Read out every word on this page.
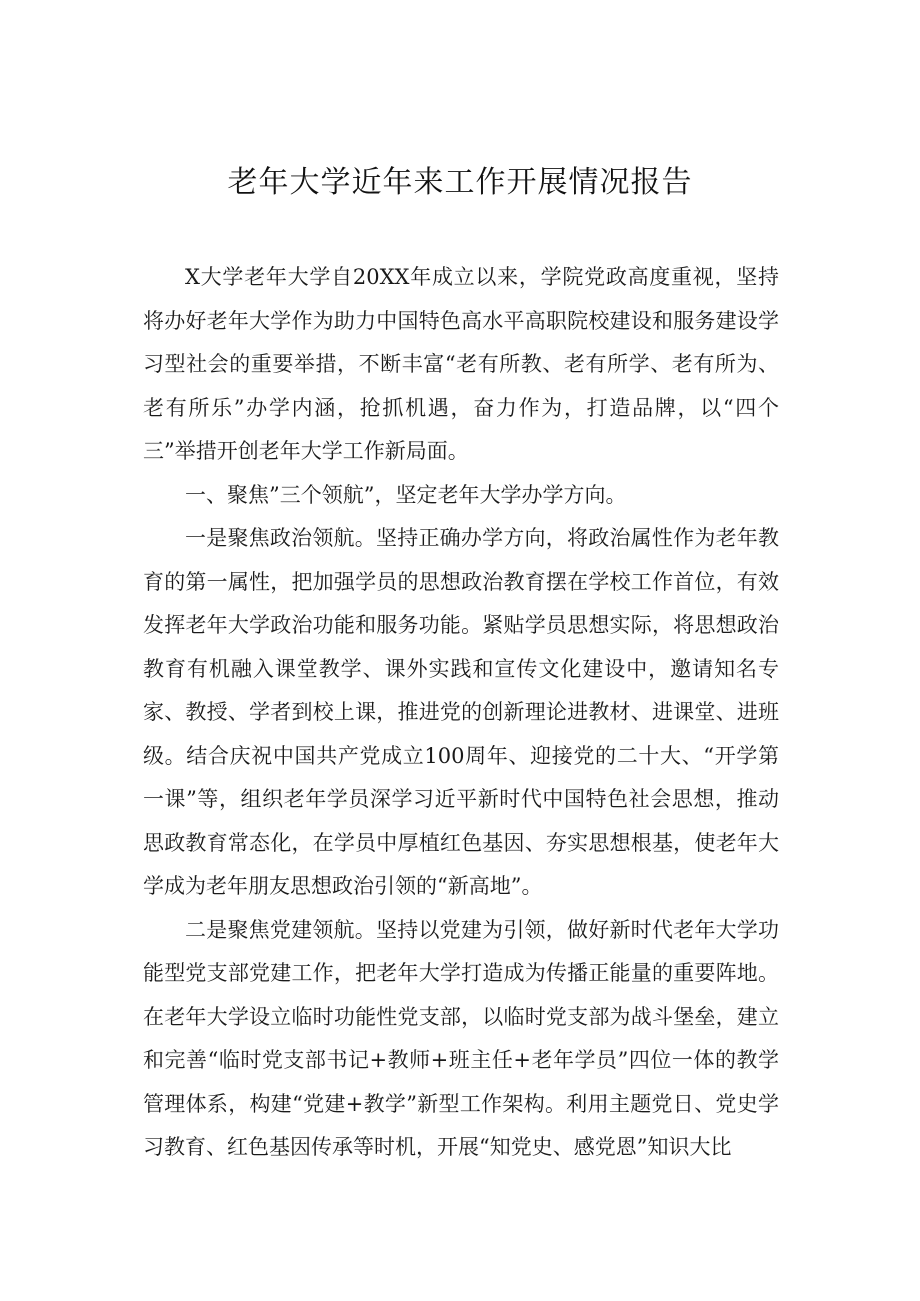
老年大学近年来工作开展情况报告

X大学老年大学自20XX年成立以来，学院党政高度重视，坚持将办好老年大学作为助力中国特色高水平高职院校建设和服务建设学习型社会的重要举措，不断丰富“老有所教、老有所学、老有所为、老有所乐”办学内涵，抢抓机遇，奋力作为，打造品牌，以“四个三”举措开创老年大学工作新局面。

一、聚焦”三个领航”，坚定老年大学办学方向。

一是聚焦政治领航。坚持正确办学方向，将政治属性作为老年教育的第一属性，把加强学员的思想政治教育摆在学校工作首位，有效发挥老年大学政治功能和服务功能。紧贴学员思想实际，将思想政治教育有机融入课堂教学、课外实践和宣传文化建设中，邀请知名专家、教授、学者到校上课，推进党的创新理论进教材、进课堂、进班级。结合庆祝中国共产党成立100周年、迎接党的二十大、“开学第一课”等，组织老年学员深学习近平新时代中国特色社会思想，推动思政教育常态化，在学员中厚植红色基因、夯实思想根基，使老年大学成为老年朋友思想政治引领的“新高地”。

二是聚焦党建领航。坚持以党建为引领，做好新时代老年大学功能型党支部党建工作，把老年大学打造成为传播正能量的重要阵地。在老年大学设立临时功能性党支部，以临时党支部为战斗堡垒，建立和完善“临时党支部书记+教师+班主任+老年学员”四位一体的教学管理体系，构建“党建+教学”新型工作架构。利用主题党日、党史学习教育、红色基因传承等时机，开展“知党史、感党恩”知识大比
